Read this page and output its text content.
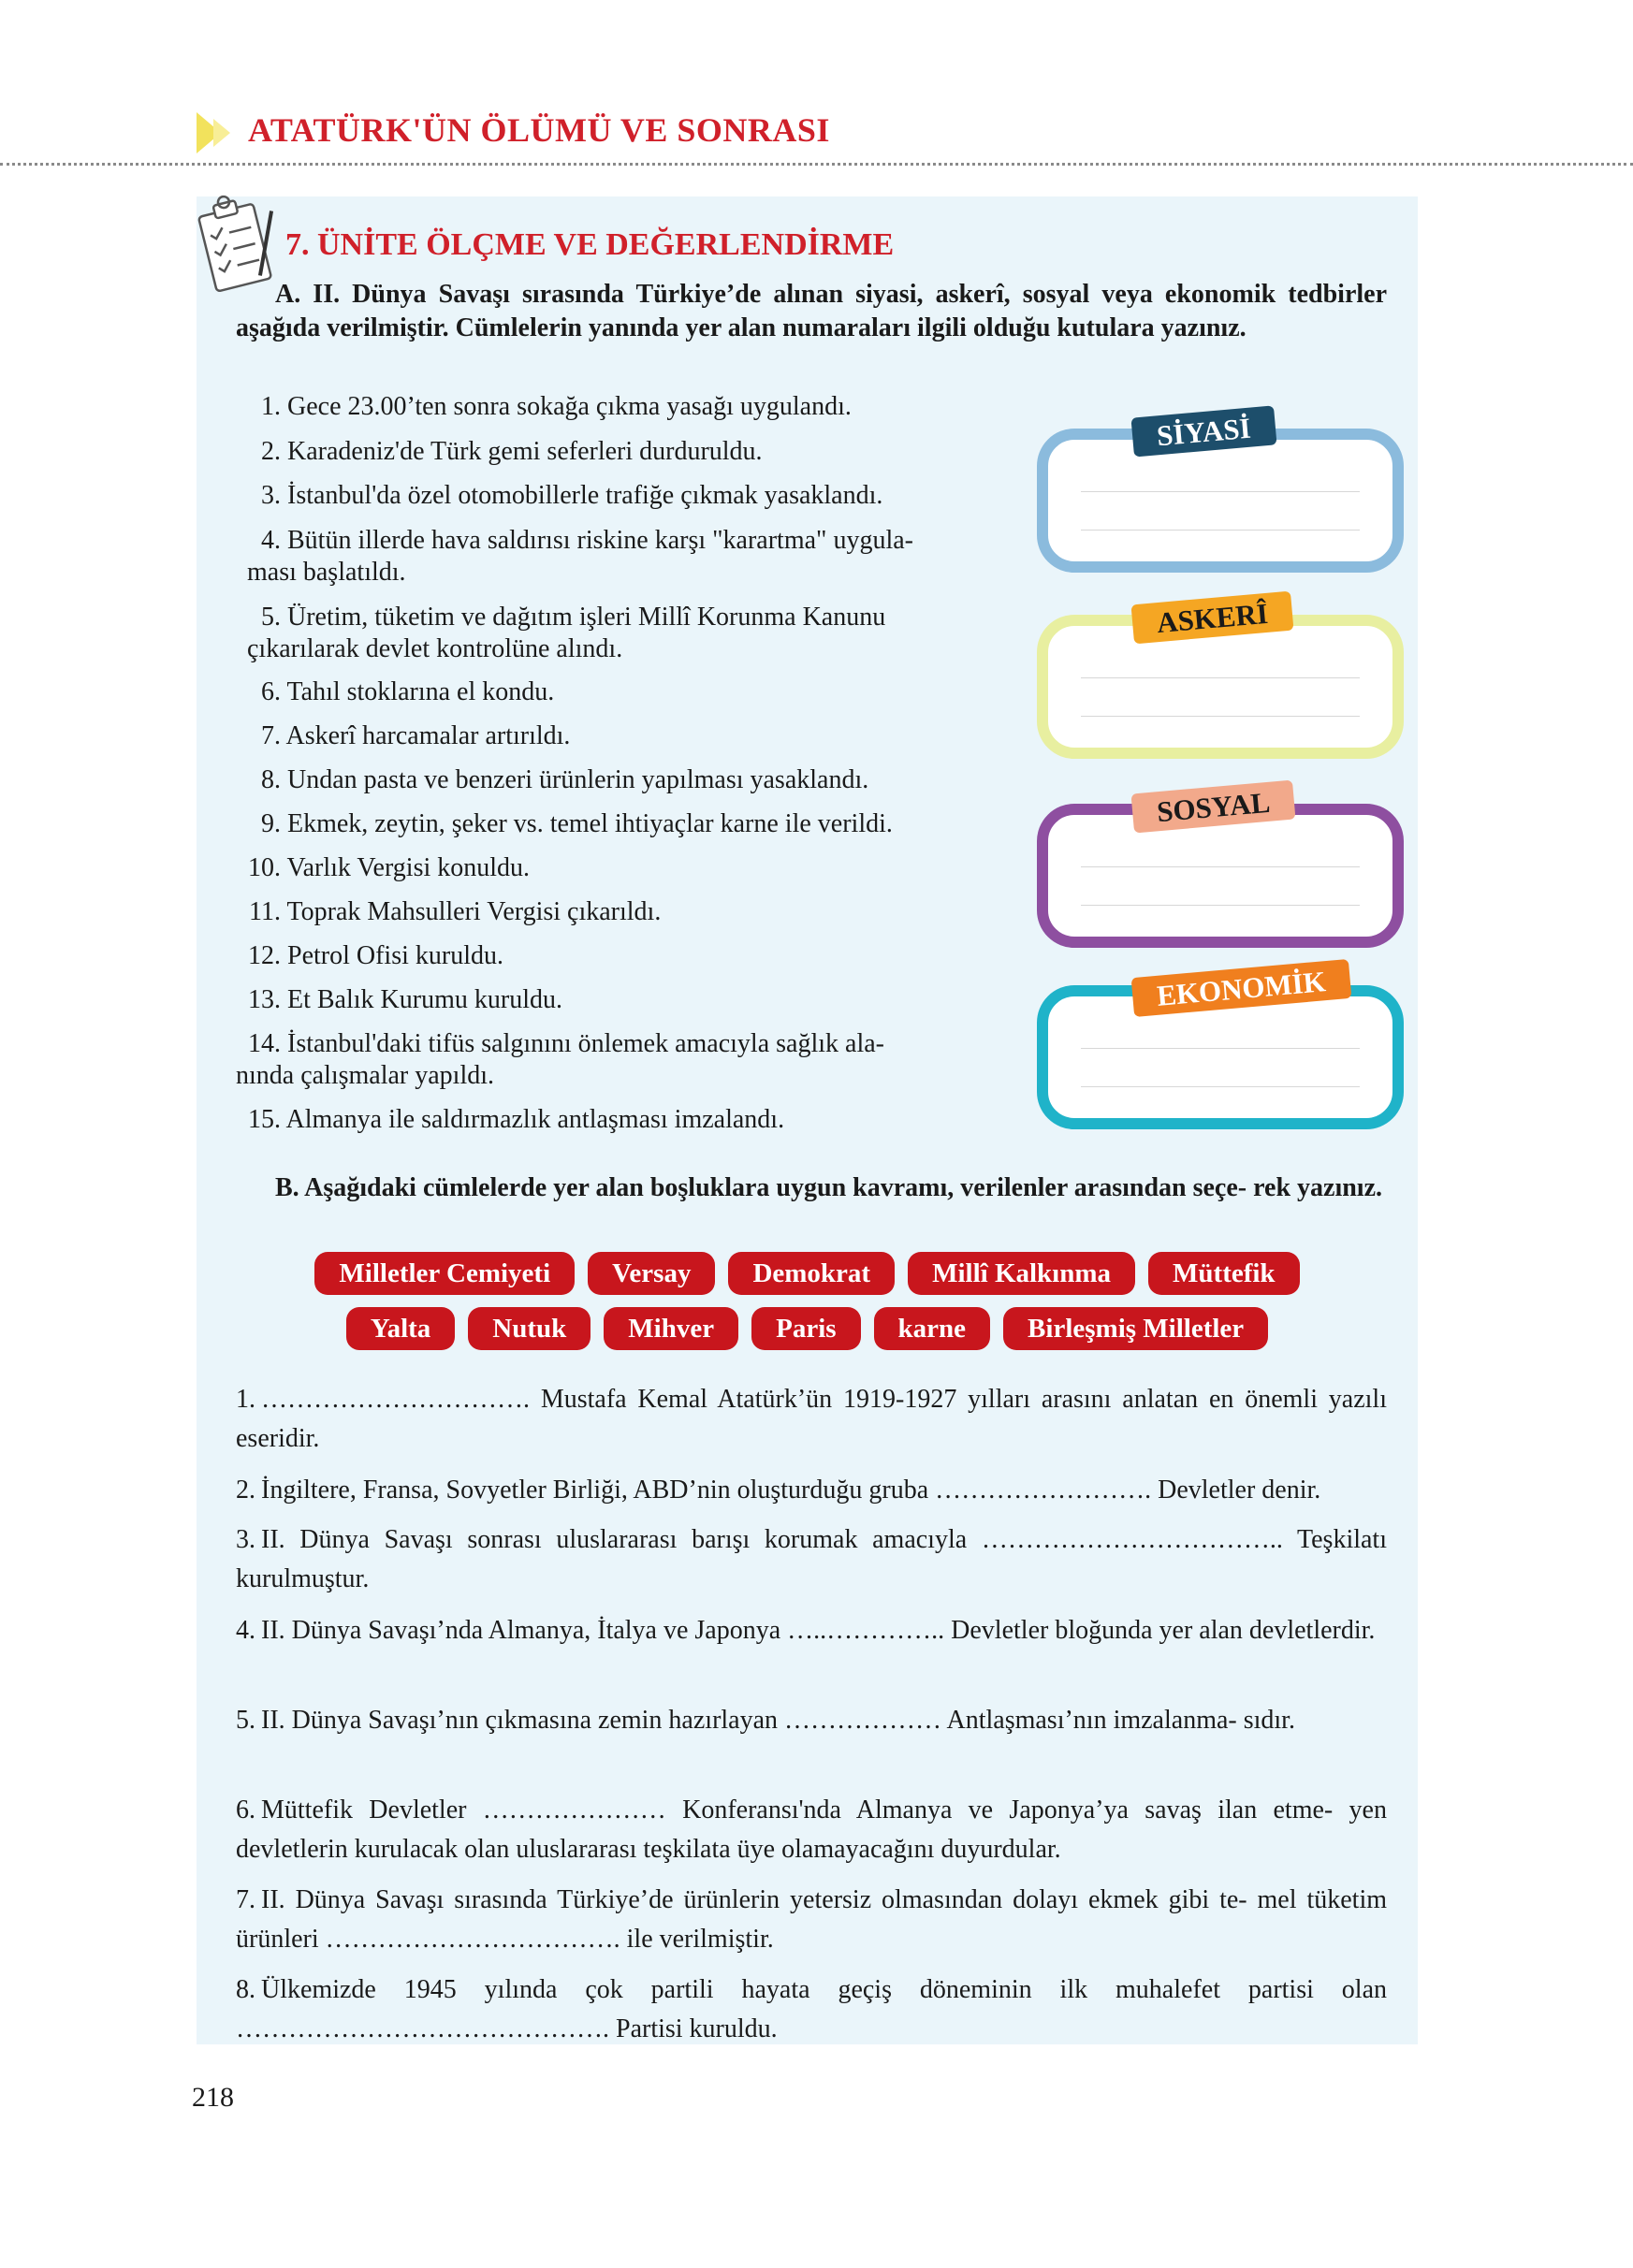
ATATÜRK'ÜN ÖLÜMÜ VE SONRASI
7. ÜNİTE ÖLÇME VE DEĞERLENDİRME
A. II. Dünya Savaşı sırasında Türkiye’de alınan siyasi, askerî, sosyal veya ekonomik tedbirler aşağıda verilmiştir. Cümlelerin yanında yer alan numaraları ilgili olduğu kutulara yazınız.
1. Gece 23.00’ten sonra sokağa çıkma yasağı uygulandı.
2. Karadeniz'de Türk gemi seferleri durduruldu.
3. İstanbul'da özel otomobillerle trafiğe çıkmak yasaklandı.
4. Bütün illerde hava saldırısı riskine karşı "karartma" uygula-
ması başlatıldı.
5. Üretim, tüketim ve dağıtım işleri Millî Korunma Kanunu
çıkarılarak devlet kontrolüne alındı.
6. Tahıl stoklarına el kondu.
7. Askerî harcamalar artırıldı.
8. Undan pasta ve benzeri ürünlerin yapılması yasaklandı.
9. Ekmek, zeytin, şeker vs. temel ihtiyaçlar karne ile verildi.
10. Varlık Vergisi konuldu.
11. Toprak Mahsulleri Vergisi çıkarıldı.
12. Petrol Ofisi kuruldu.
13. Et Balık Kurumu kuruldu.
14. İstanbul'daki tifüs salgınını önlemek amacıyla sağlık ala-
nında çalışmalar yapıldı.
15. Almanya ile saldırmazlık antlaşması imzalandı.
SİYASİ
ASKERÎ
SOSYAL
EKONOMİK
B. Aşağıdaki cümlelerde yer alan boşluklara uygun kavramı, verilenler arasından seçe- rek yazınız.
Milletler Cemiyeti Versay Demokrat Millî Kalkınma Müttefik
Yalta Nutuk Mihver Paris karne Birleşmiş Milletler
1. …………………………. Mustafa Kemal Atatürk’ün 1919-1927 yılları arasını anlatan en önemli yazılı eseridir.
2. İngiltere, Fransa, Sovyetler Birliği, ABD’nin oluşturduğu gruba ……………………. Devletler denir.
3. II. Dünya Savaşı sonrası uluslararası barışı korumak amacıyla …………………………….. Teşkilatı kurulmuştur.
4. II. Dünya Savaşı’nda Almanya, İtalya ve Japonya …..………….. Devletler bloğunda yer alan devletlerdir.
5. II. Dünya Savaşı’nın çıkmasına zemin hazırlayan ……………… Antlaşması’nın imzalanma- sıdır.
6. Müttefik Devletler ………………… Konferansı'nda Almanya ve Japonya’ya savaş ilan etme- yen devletlerin kurulacak olan uluslararası teşkilata üye olamayacağını duyurdular.
7. II. Dünya Savaşı sırasında Türkiye’de ürünlerin yetersiz olmasından dolayı ekmek gibi te- mel tüketim ürünleri ……………………………. ile verilmiştir.
8. Ülkemizde 1945 yılında çok partili hayata geçiş döneminin ilk muhalefet partisi olan ……………………………………. Partisi kuruldu.
218
